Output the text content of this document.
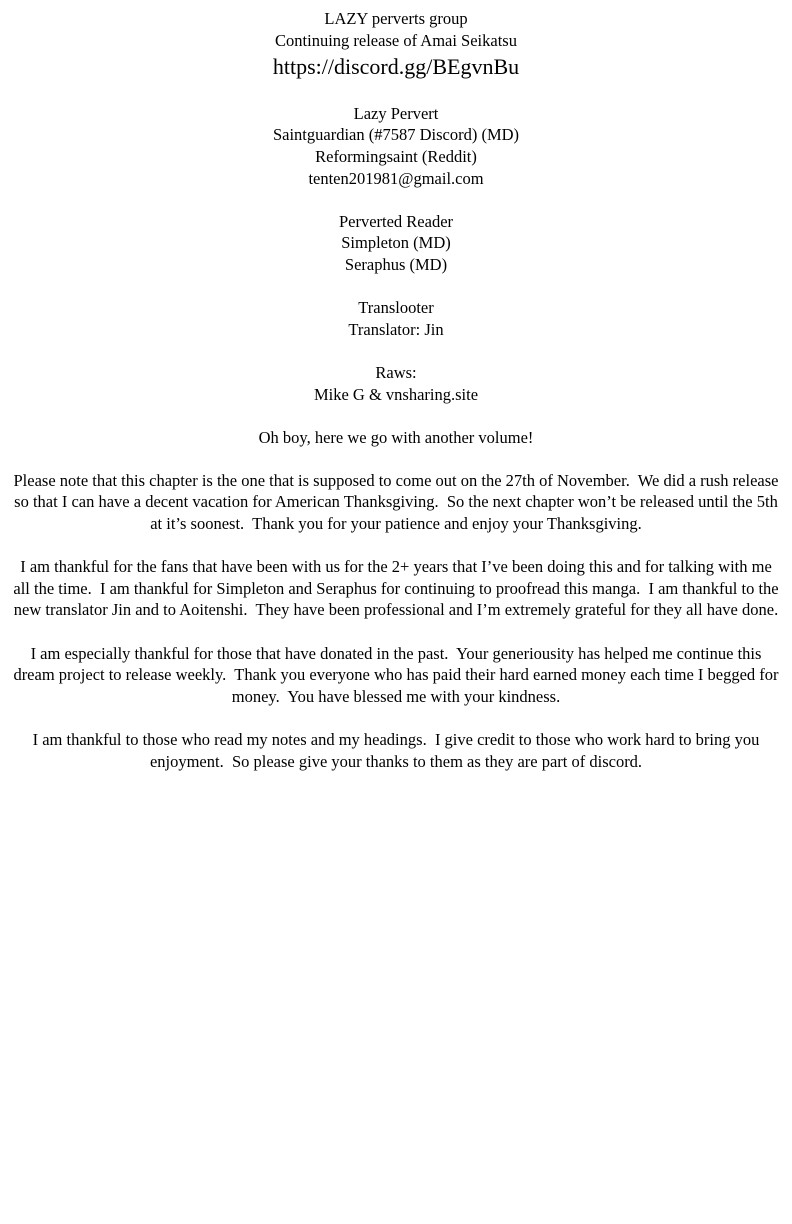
LAZY perverts group
Continuing release of Amai Seikatsu
https://discord.gg/BEgvnBu
Lazy Pervert
Saintguardian (#7587 Discord) (MD)
Reformingsaint (Reddit)
tenten201981@gmail.com
Perverted Reader
Simpleton (MD)
Seraphus (MD)
Translooter
Translator: Jin
Raws:
Mike G & vnsharing.site

Oh boy, here we go with another volume!

Please note that this chapter is the one that is supposed to come out on the 27th of November.  We did a rush release so that I can have a decent vacation for American Thanksgiving.  So the next chapter won’t be released until the 5th at it’s soonest.  Thank you for your patience and enjoy your Thanksgiving.

I am thankful for the fans that have been with us for the 2+ years that I’ve been doing this and for talking with me all the time.  I am thankful for Simpleton and Seraphus for continuing to proofread this manga.  I am thankful to the new translator Jin and to Aoitenshi.  They have been professional and I’m extremely grateful for they all have done.

I am especially thankful for those that have donated in the past.  Your generiousity has helped me continue this dream project to release weekly.  Thank you everyone who has paid their hard earned money each time I begged for money.  You have blessed me with your kindness.

I am thankful to those who read my notes and my headings.  I give credit to those who work hard to bring you enjoyment.  So please give your thanks to them as they are part of discord.
